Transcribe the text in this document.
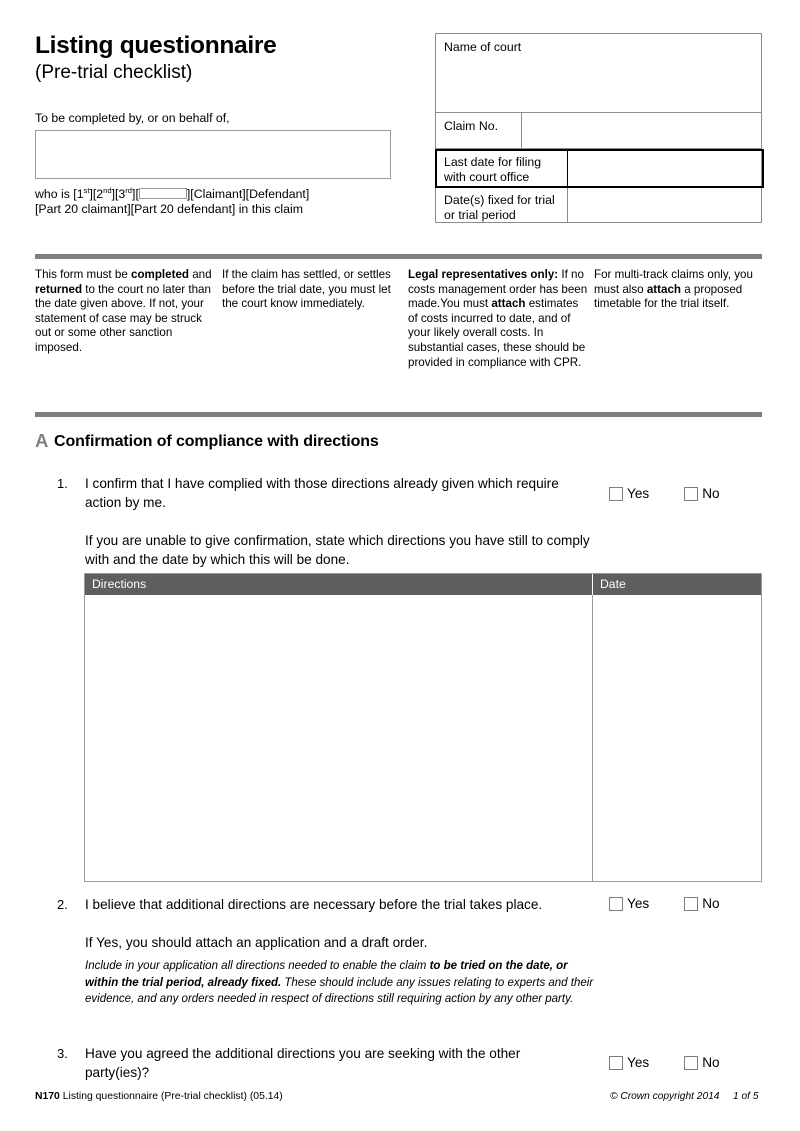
Listing questionnaire
(Pre-trial checklist)
To be completed by, or on behalf of,
who is [1st][2nd][3rd][	][Claimant][Defendant]
[Part 20 claimant][Part 20 defendant] in this claim
Name of court
Claim No.
Last date for filing
with court office
Date(s) fixed for trial
or trial period
This form must be completed and returned to the court no later than the date given above. If not, your statement of case may be struck out or some other sanction imposed.
If the claim has settled, or settles before the trial date, you must let the court know immediately.
Legal representatives only: If no costs management order has been made.You must attach estimates of costs incurred to date, and of your likely overall costs. In substantial cases, these should be provided in compliance with CPR.
For multi-track claims only, you must also attach a proposed timetable for the trial itself.
A Confirmation of compliance with directions
1. I confirm that I have complied with those directions already given which require action by me.
If you are unable to give confirmation, state which directions you have still to comply with and the date by which this will be done.
Yes	No
Directions	Date
2. I believe that additional directions are necessary before the trial takes place.
If Yes, you should attach an application and a draft order.
Include in your application all directions needed to enable the claim to be tried on the date, or within the trial period, already fixed. These should include any issues relating to experts and their evidence, and any orders needed in respect of directions still requiring action by any other party.
Yes	No
3. Have you agreed the additional directions you are seeking with the other party(ies)?
Yes	No
N170 Listing questionnaire (Pre-trial checklist) (05.14)	© Crown copyright 2014 1 of 5
